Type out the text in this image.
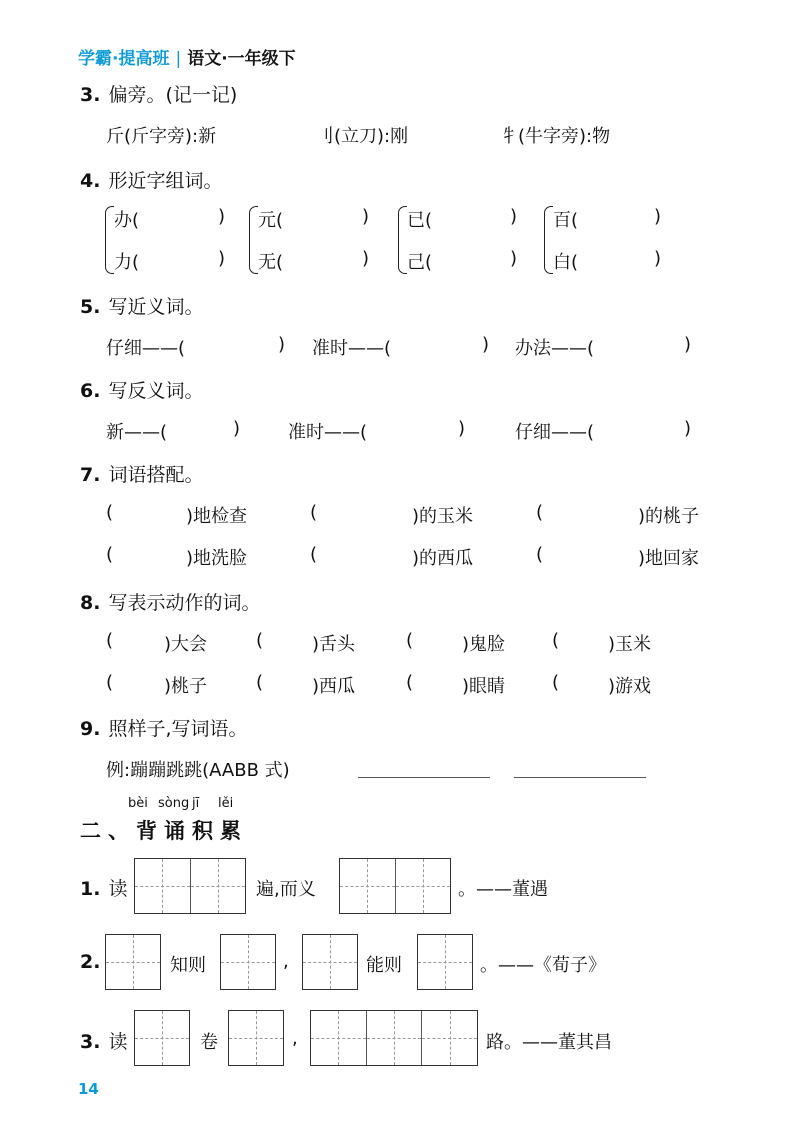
学霸·提高班 | 语文·一年级下
3. 偏旁。(记一记)
斤(斤字旁):新	刂(立刀):刚	牜(牛字旁):物
4. 形近字组词。
办(	)
力(	)
元(	)
无(	)
已(	)
己(	)
百(	)
白(	)
5. 写近义词。
仔细——(	) 准时——(	) 办法——(	)
6. 写反义词。
新——(	)	准时——(	)	仔细——(	)
7. 词语搭配。
(	)地检查	(	)的玉米	(	)的桃子
(	)地洗脸	(	)的西瓜	(	)地回家
8. 写表示动作的词。
(	)大会	(	)舌头	(	)鬼脸	(	)玉米
(	)桃子	(	)西瓜	(	)眼睛	(	)游戏
9. 照样子,写词语。
例:蹦蹦跳跳(AABB 式)
bèi sòng jī lěi
二、背诵积累
1. 读	遍,而义	。——董遇
2.	知则	,	能则	。——《荀子》
3. 读	卷	,	路。——董其昌
14
